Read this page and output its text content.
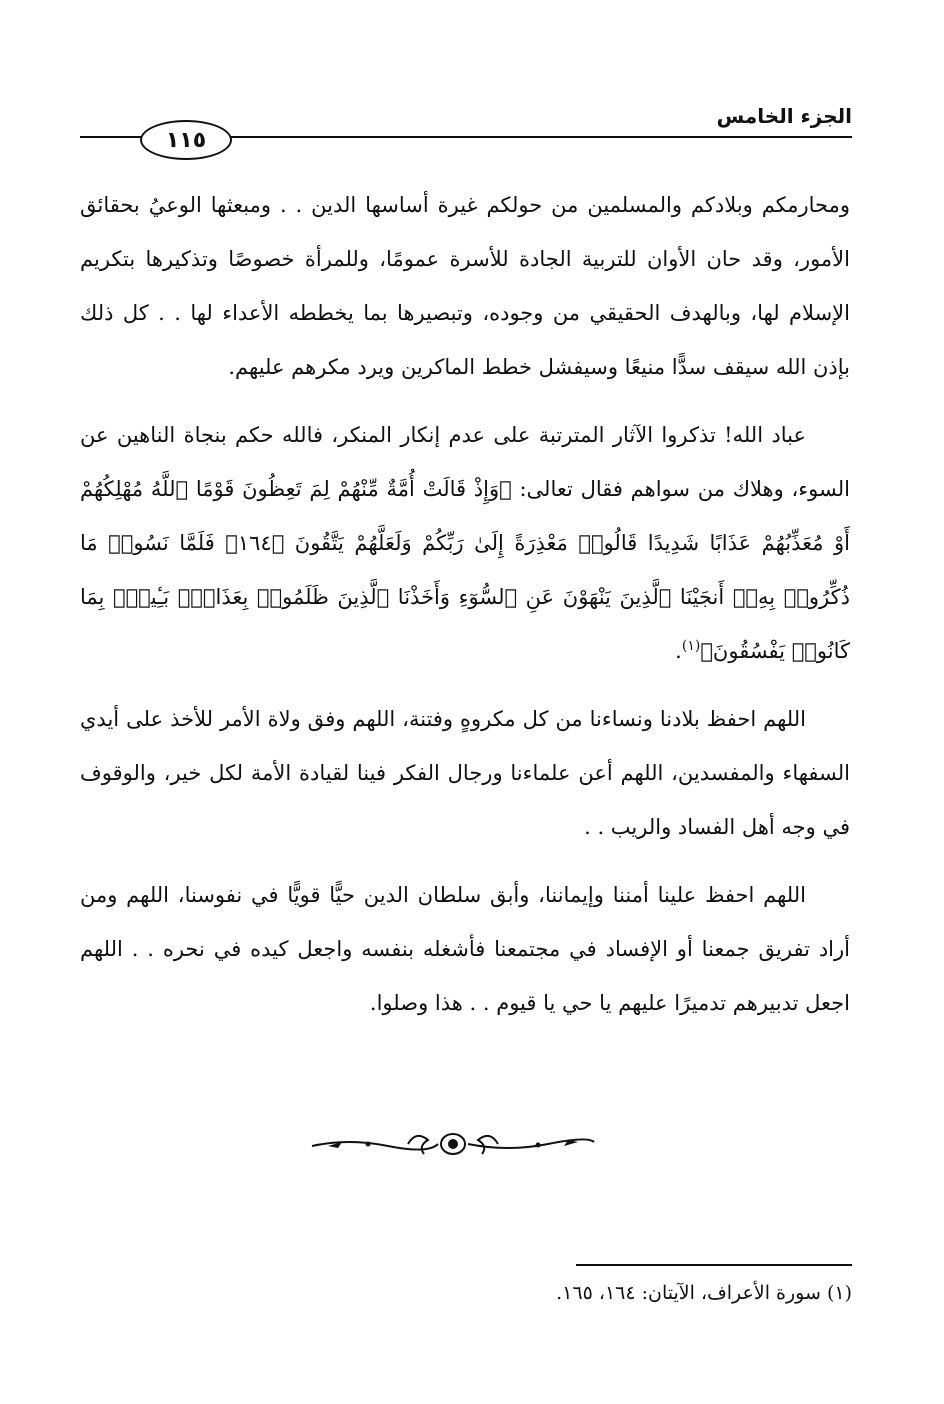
الجزء الخامس
١١٥

ومحارمكم وبلادكم والمسلمين من حولكم غيرة أساسها الدين . . ومبعثها الوعيُ بحقائق الأمور، وقد حان الأوان للتربية الجادة للأسرة عمومًا، وللمرأة خصوصًا وتذكيرها بتكريم الإسلام لها، وبالهدف الحقيقي من وجوده، وتبصيرها بما يخططه الأعداء لها . . كل ذلك بإذن الله سيقف سدًّا منيعًا وسيفشل خطط الماكرين ويرد مكرهم عليهم.

عباد الله! تذكروا الآثار المترتبة على عدم إنكار المنكر، فالله حكم بنجاة الناهين عن السوء، وهلاك من سواهم فقال تعالى: ﴿وَإِذْ قَالَتْ أُمَّةٌ مِّنْهُمْ لِمَ تَعِظُونَ قَوْمًا ٱللَّهُ مُهْلِكُهُمْ أَوْ مُعَذِّبُهُمْ عَذَابًا شَدِيدًا قَالُوا۟ مَعْذِرَةً إِلَىٰ رَبِّكُمْ وَلَعَلَّهُمْ يَتَّقُونَ ﴿١٦٤﴾ فَلَمَّا نَسُوا۟ مَا ذُكِّرُوا۟ بِهِۦٓ أَنجَيْنَا ٱلَّذِينَ يَنْهَوْنَ عَنِ ٱلسُّوٓءِ وَأَخَذْنَا ٱلَّذِينَ ظَلَمُوا۟ بِعَذَابٍۭ بَـِٔيسٍۭ بِمَا كَانُوا۟ يَفْسُقُونَ﴾$^{(١)}$.

اللهم احفظ بلادنا ونساءنا من كل مكروهٍ وفتنة، اللهم وفق ولاة الأمر للأخذ على أيدي السفهاء والمفسدين، اللهم أعن علماءنا ورجال الفكر فينا لقيادة الأمة لكل خير، والوقوف في وجه أهل الفساد والريب . .

اللهم احفظ علينا أمننا وإيماننا، وأبق سلطان الدين حيًّا قويًّا في نفوسنا، اللهم ومن أراد تفريق جمعنا أو الإفساد في مجتمعنا فأشغله بنفسه واجعل كيده في نحره . . اللهم اجعل تدبيرهم تدميرًا عليهم يا حي يا قيوم . . هذا وصلوا.

(١) سورة الأعراف، الآيتان: ١٦٤، ١٦٥.
